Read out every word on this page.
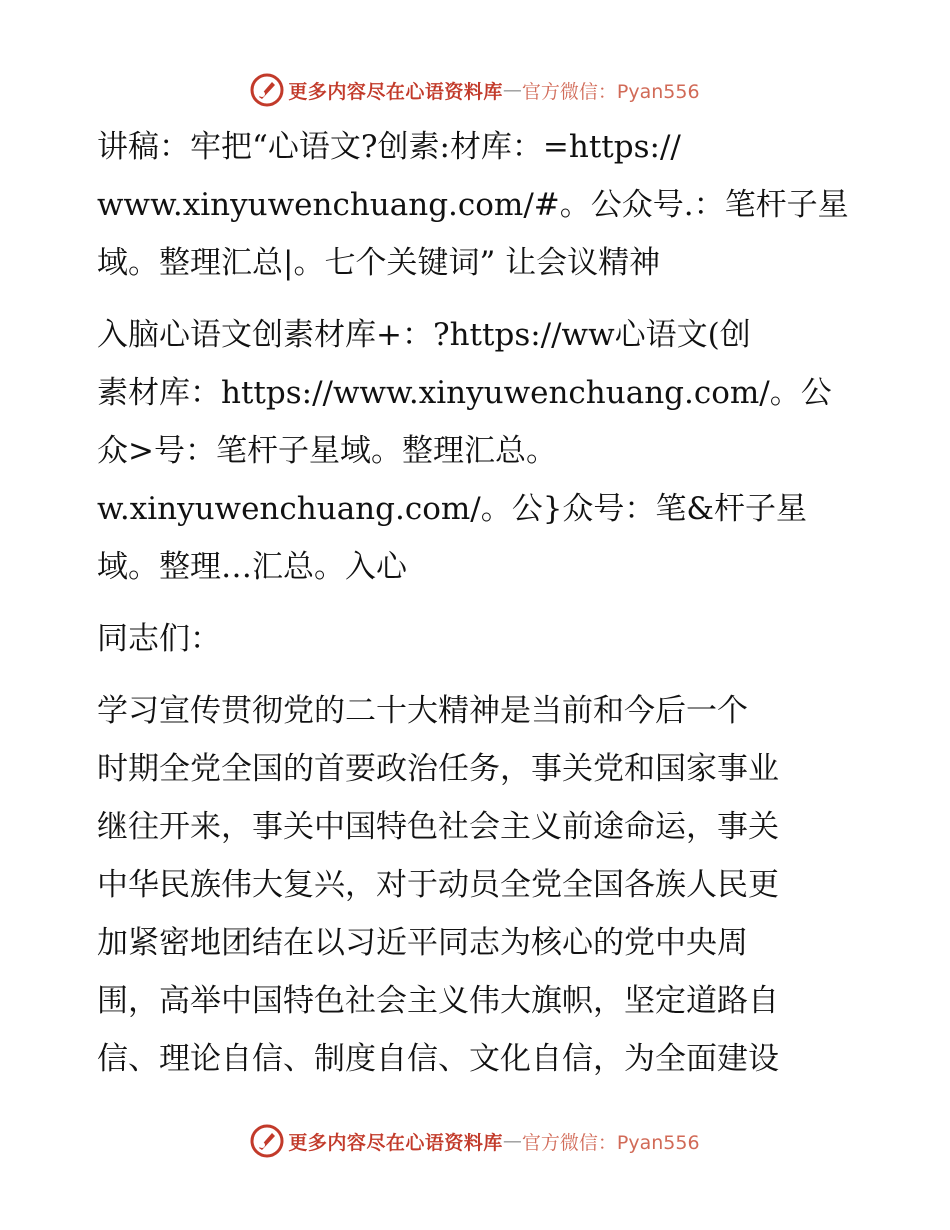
更多内容尽在心语资料库 — 官方微信：Pyan556

讲稿：牢把“心语文?创素:材库：=https://
www.xinyuwenchuang.com/#。公众号.：笔杆子星
域。整理汇总|。七个关键词” 让会议精神

入脑心语文创素材库+：?https://ww心语文(创
素材库：https://www.xinyuwenchuang.com/。公
众>号：笔杆子星域。整理汇总。
w.xinyuwenchuang.com/。公}众号：笔&杆子星
域。整理…汇总。入心

同志们：

学习宣传贯彻党的二十大精神是当前和今后一个
时期全党全国的首要政治任务，事关党和国家事业
继往开来，事关中国特色社会主义前途命运，事关
中华民族伟大复兴，对于动员全党全国各族人民更
加紧密地团结在以习近平同志为核心的党中央周
围，高举中国特色社会主义伟大旗帜，坚定道路自
信、理论自信、制度自信、文化自信，为全面建设

更多内容尽在心语资料库 — 官方微信：Pyan556
